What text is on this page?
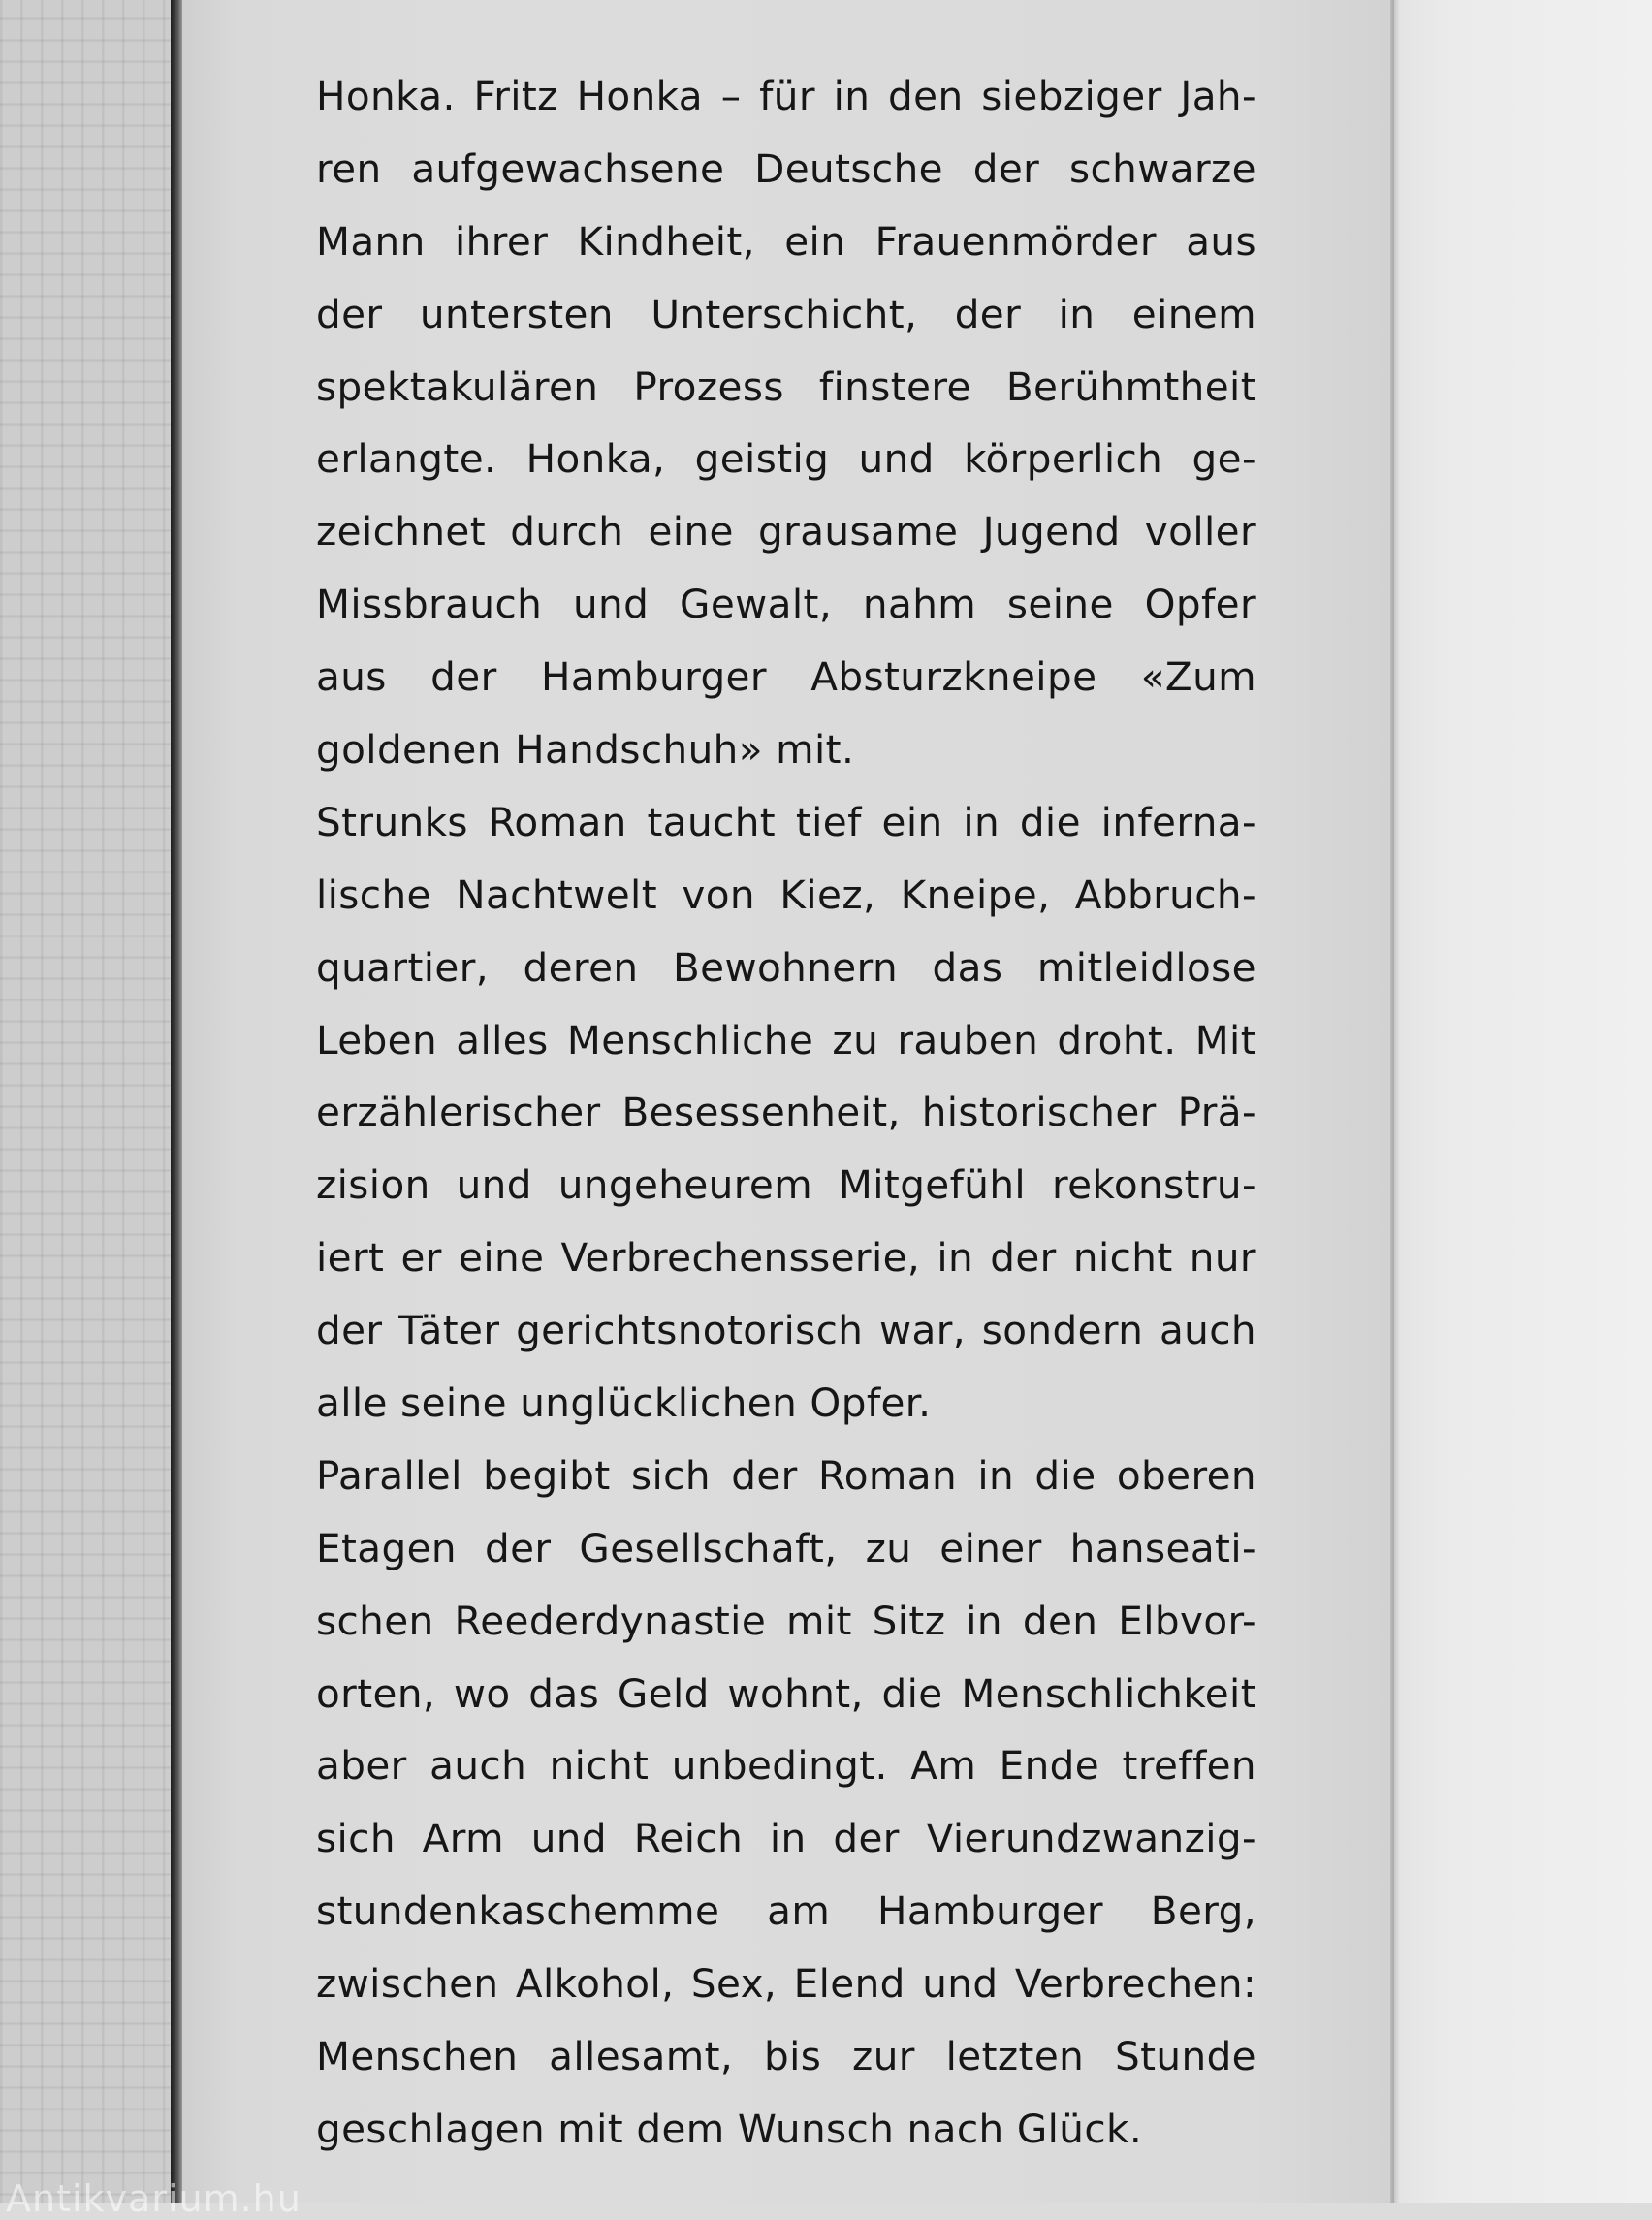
Honka. Fritz Honka – für in den siebziger Jah-
ren aufgewachsene Deutsche der schwarze
Mann ihrer Kindheit, ein Frauenmörder aus
der untersten Unterschicht, der in einem
spektakulären Prozess finstere Berühmtheit
erlangte. Honka, geistig und körperlich ge-
zeichnet durch eine grausame Jugend voller
Missbrauch und Gewalt, nahm seine Opfer
aus der Hamburger Absturzkneipe «Zum
goldenen Handschuh» mit.

Strunks Roman taucht tief ein in die inferna-
lische Nachtwelt von Kiez, Kneipe, Abbruch-
quartier, deren Bewohnern das mitleidlose
Leben alles Menschliche zu rauben droht. Mit
erzählerischer Besessenheit, historischer Prä-
zision und ungeheurem Mitgefühl rekonstru-
iert er eine Verbrechensserie, in der nicht nur
der Täter gerichtsnotorisch war, sondern auch
alle seine unglücklichen Opfer.

Parallel begibt sich der Roman in die oberen
Etagen der Gesellschaft, zu einer hanseati-
schen Reederdynastie mit Sitz in den Elbvor-
orten, wo das Geld wohnt, die Menschlichkeit
aber auch nicht unbedingt. Am Ende treffen
sich Arm und Reich in der Vierundzwanzig-
stundenkaschemme am Hamburger Berg,
zwischen Alkohol, Sex, Elend und Verbrechen:
Menschen allesamt, bis zur letzten Stunde
geschlagen mit dem Wunsch nach Glück.

Antikvarium.hu
